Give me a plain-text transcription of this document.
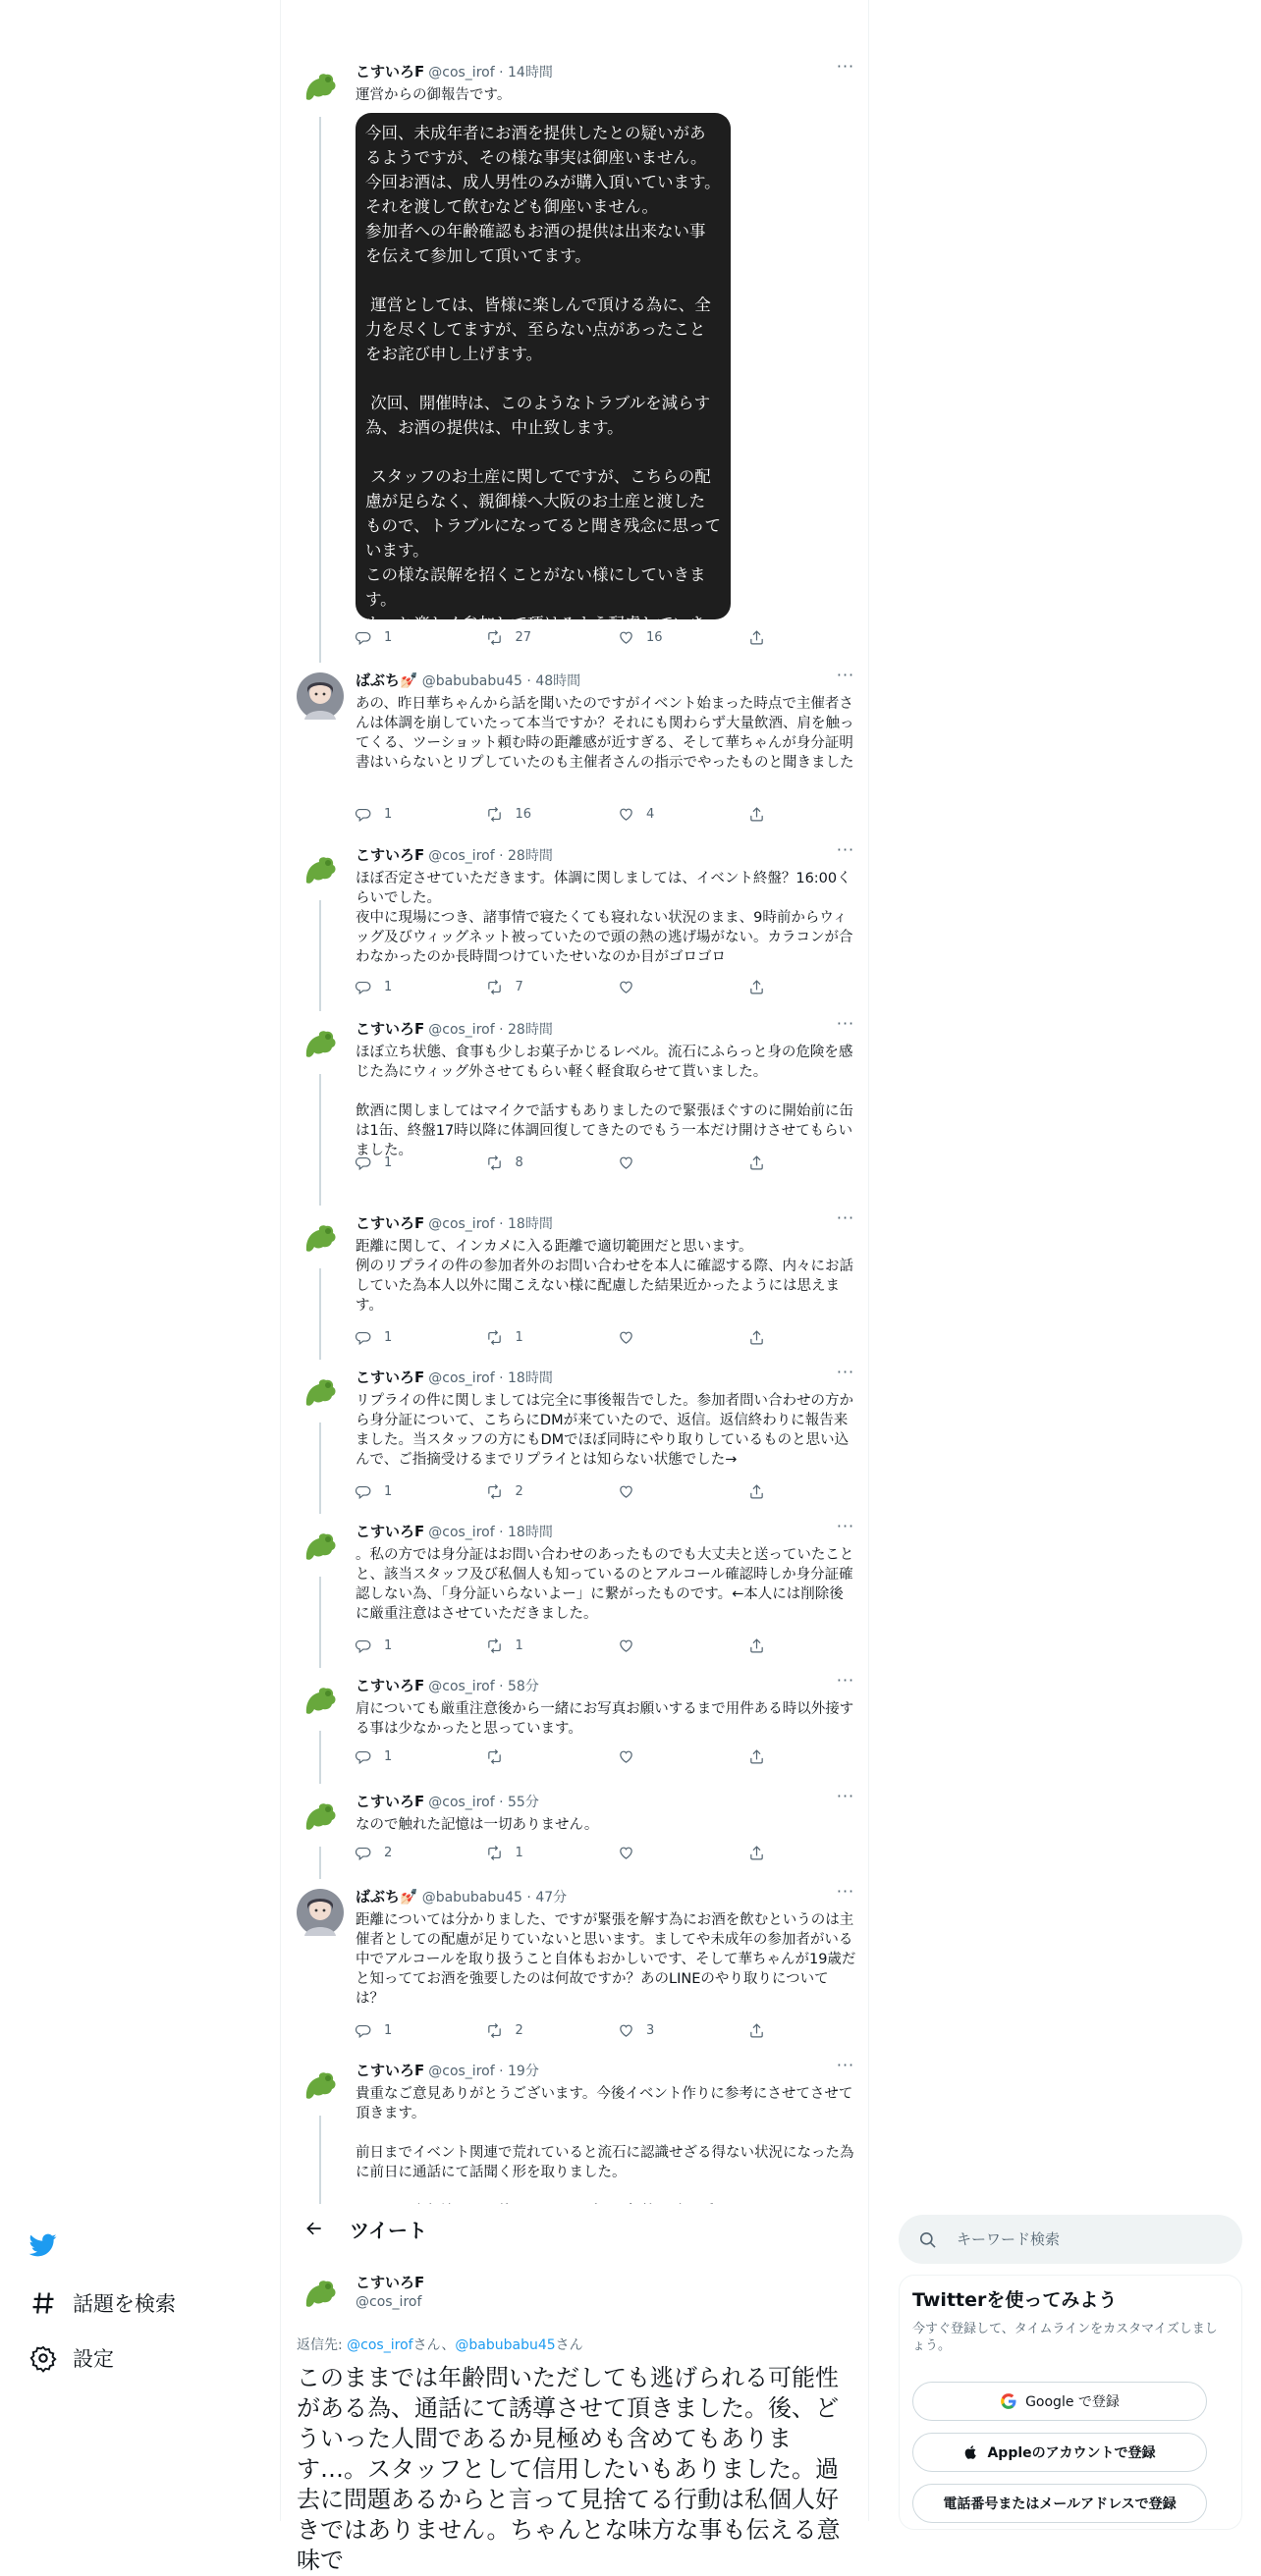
こすいろF @cos_irof · 14時間	···
運営からの御報告です。
今回、未成年者にお酒を提供したとの疑いがあるようですが、その様な事実は御座いません。
今回お酒は、成人男性のみが購入頂いています。
それを渡して飲むなども御座いません。
参加者への年齢確認もお酒の提供は出来ない事を伝えて参加して頂いてます。

運営としては、皆様に楽しんで頂ける為に、全力を尽くしてますが、至らない点があったことをお詫び申し上げます。

次回、開催時は、このようなトラブルを減らす為、お酒の提供は、中止致します。

スタッフのお土産に関してですが、こちらの配慮が足らなく、親御様へ大阪のお土産と渡したもので、トラブルになってると聞き残念に思っています。
この様な誤解を招くことがない様にしていきます。
もっと楽しく参加して頂けるよう配慮していき
1	27	16
ばぶち💅🏻 @babubabu45 · 48時間	···
あの、昨日華ちゃんから話を聞いたのですがイベント始まった時点で主催者さんは体調を崩していたって本当ですか？それにも関わらず大量飲酒、肩を触ってくる、ツーショット頼む時の距離感が近すぎる、そして華ちゃんが身分証明書はいらないとリプしていたのも主催者さんの指示でやったものと聞きました
1	16	4
こすいろF @cos_irof · 28時間	···
ほぼ否定させていただきます。体調に関しましては、イベント終盤？16:00くらいでした。
夜中に現場につき、諸事情で寝たくても寝れない状況のまま、9時前からウィッグ及びウィッグネット被っていたので頭の熱の逃げ場がない。カラコンが合わなかったのか長時間つけていたせいなのか目がゴロゴロ
1	7
こすいろF @cos_irof · 28時間	···
ほぼ立ち状態、食事も少しお菓子かじるレベル。流石にふらっと身の危険を感じた為にウィッグ外させてもらい軽く軽食取らせて貰いました。

飲酒に関しましてはマイクで話すもありましたので緊張ほぐすのに開始前に缶は1缶、終盤17時以降に体調回復してきたのでもう一本だけ開けさせてもらいました。
1	8
こすいろF @cos_irof · 18時間	···
距離に関して、インカメに入る距離で適切範囲だと思います。
例のリプライの件の参加者外のお問い合わせを本人に確認する際、内々にお話していた為本人以外に聞こえない様に配慮した結果近かったようには思えます。
1	1
こすいろF @cos_irof · 18時間	···
リプライの件に関しましては完全に事後報告でした。参加者問い合わせの方から身分証について、こちらにDMが来ていたので、返信。返信終わりに報告来ました。当スタッフの方にもDMでほぼ同時にやり取りしているものと思い込んで、ご指摘受けるまでリプライとは知らない状態でした→
1	2
こすいろF @cos_irof · 18時間	···
。私の方では身分証はお問い合わせのあったものでも大丈夫と送っていたことと、該当スタッフ及び私個人も知っているのとアルコール確認時しか身分証確認しない為、「身分証いらないよー」に繋がったものです。←本人には削除後に厳重注意はさせていただきました。
1	1
こすいろF @cos_irof · 58分	···
肩についても厳重注意後から一緒にお写真お願いするまで用件ある時以外接する事は少なかったと思っています。
1
こすいろF @cos_irof · 55分	···
なので触れた記憶は一切ありません。
2	1
ばぶち💅🏻 @babubabu45 · 47分	···
距離については分かりました、ですが緊張を解す為にお酒を飲むというのは主催者としての配慮が足りていないと思います。ましてや未成年の参加者がいる中でアルコールを取り扱うこと自体もおかしいです、そして華ちゃんが19歳だと知っててお酒を強要したのは何故ですか？あのLINEのやり取りについては？
1	2	3
こすいろF @cos_irof · 19分	···
貴重なご意見ありがとうございます。今後イベント作りに参考にさせてさせて頂きます。

前日までイベント関連で荒れていると流石に認識せざる得ない状況になった為に前日に通話にて話聞く形を取りました。

話題を検索
設定
ツイート
こすいろF
@cos_irof
返信先: @cos_irofさん、@babubabu45さん
このままでは年齢問いただしても逃げられる可能性がある為、通話にて誘導させて頂きました。後、どういった人間であるか見極めも含めてもあります…。スタッフとして信用したいもありました。過去に問題あるからと言って見捨てる行動は私個人好きではありません。ちゃんとな味方な事も伝える意味で
キーワード検索
Twitterを使ってみよう
今すぐ登録して、タイムラインをカスタマイズしましょう。
Google で登録
Appleのアカウントで登録
電話番号またはメールアドレスで登録
